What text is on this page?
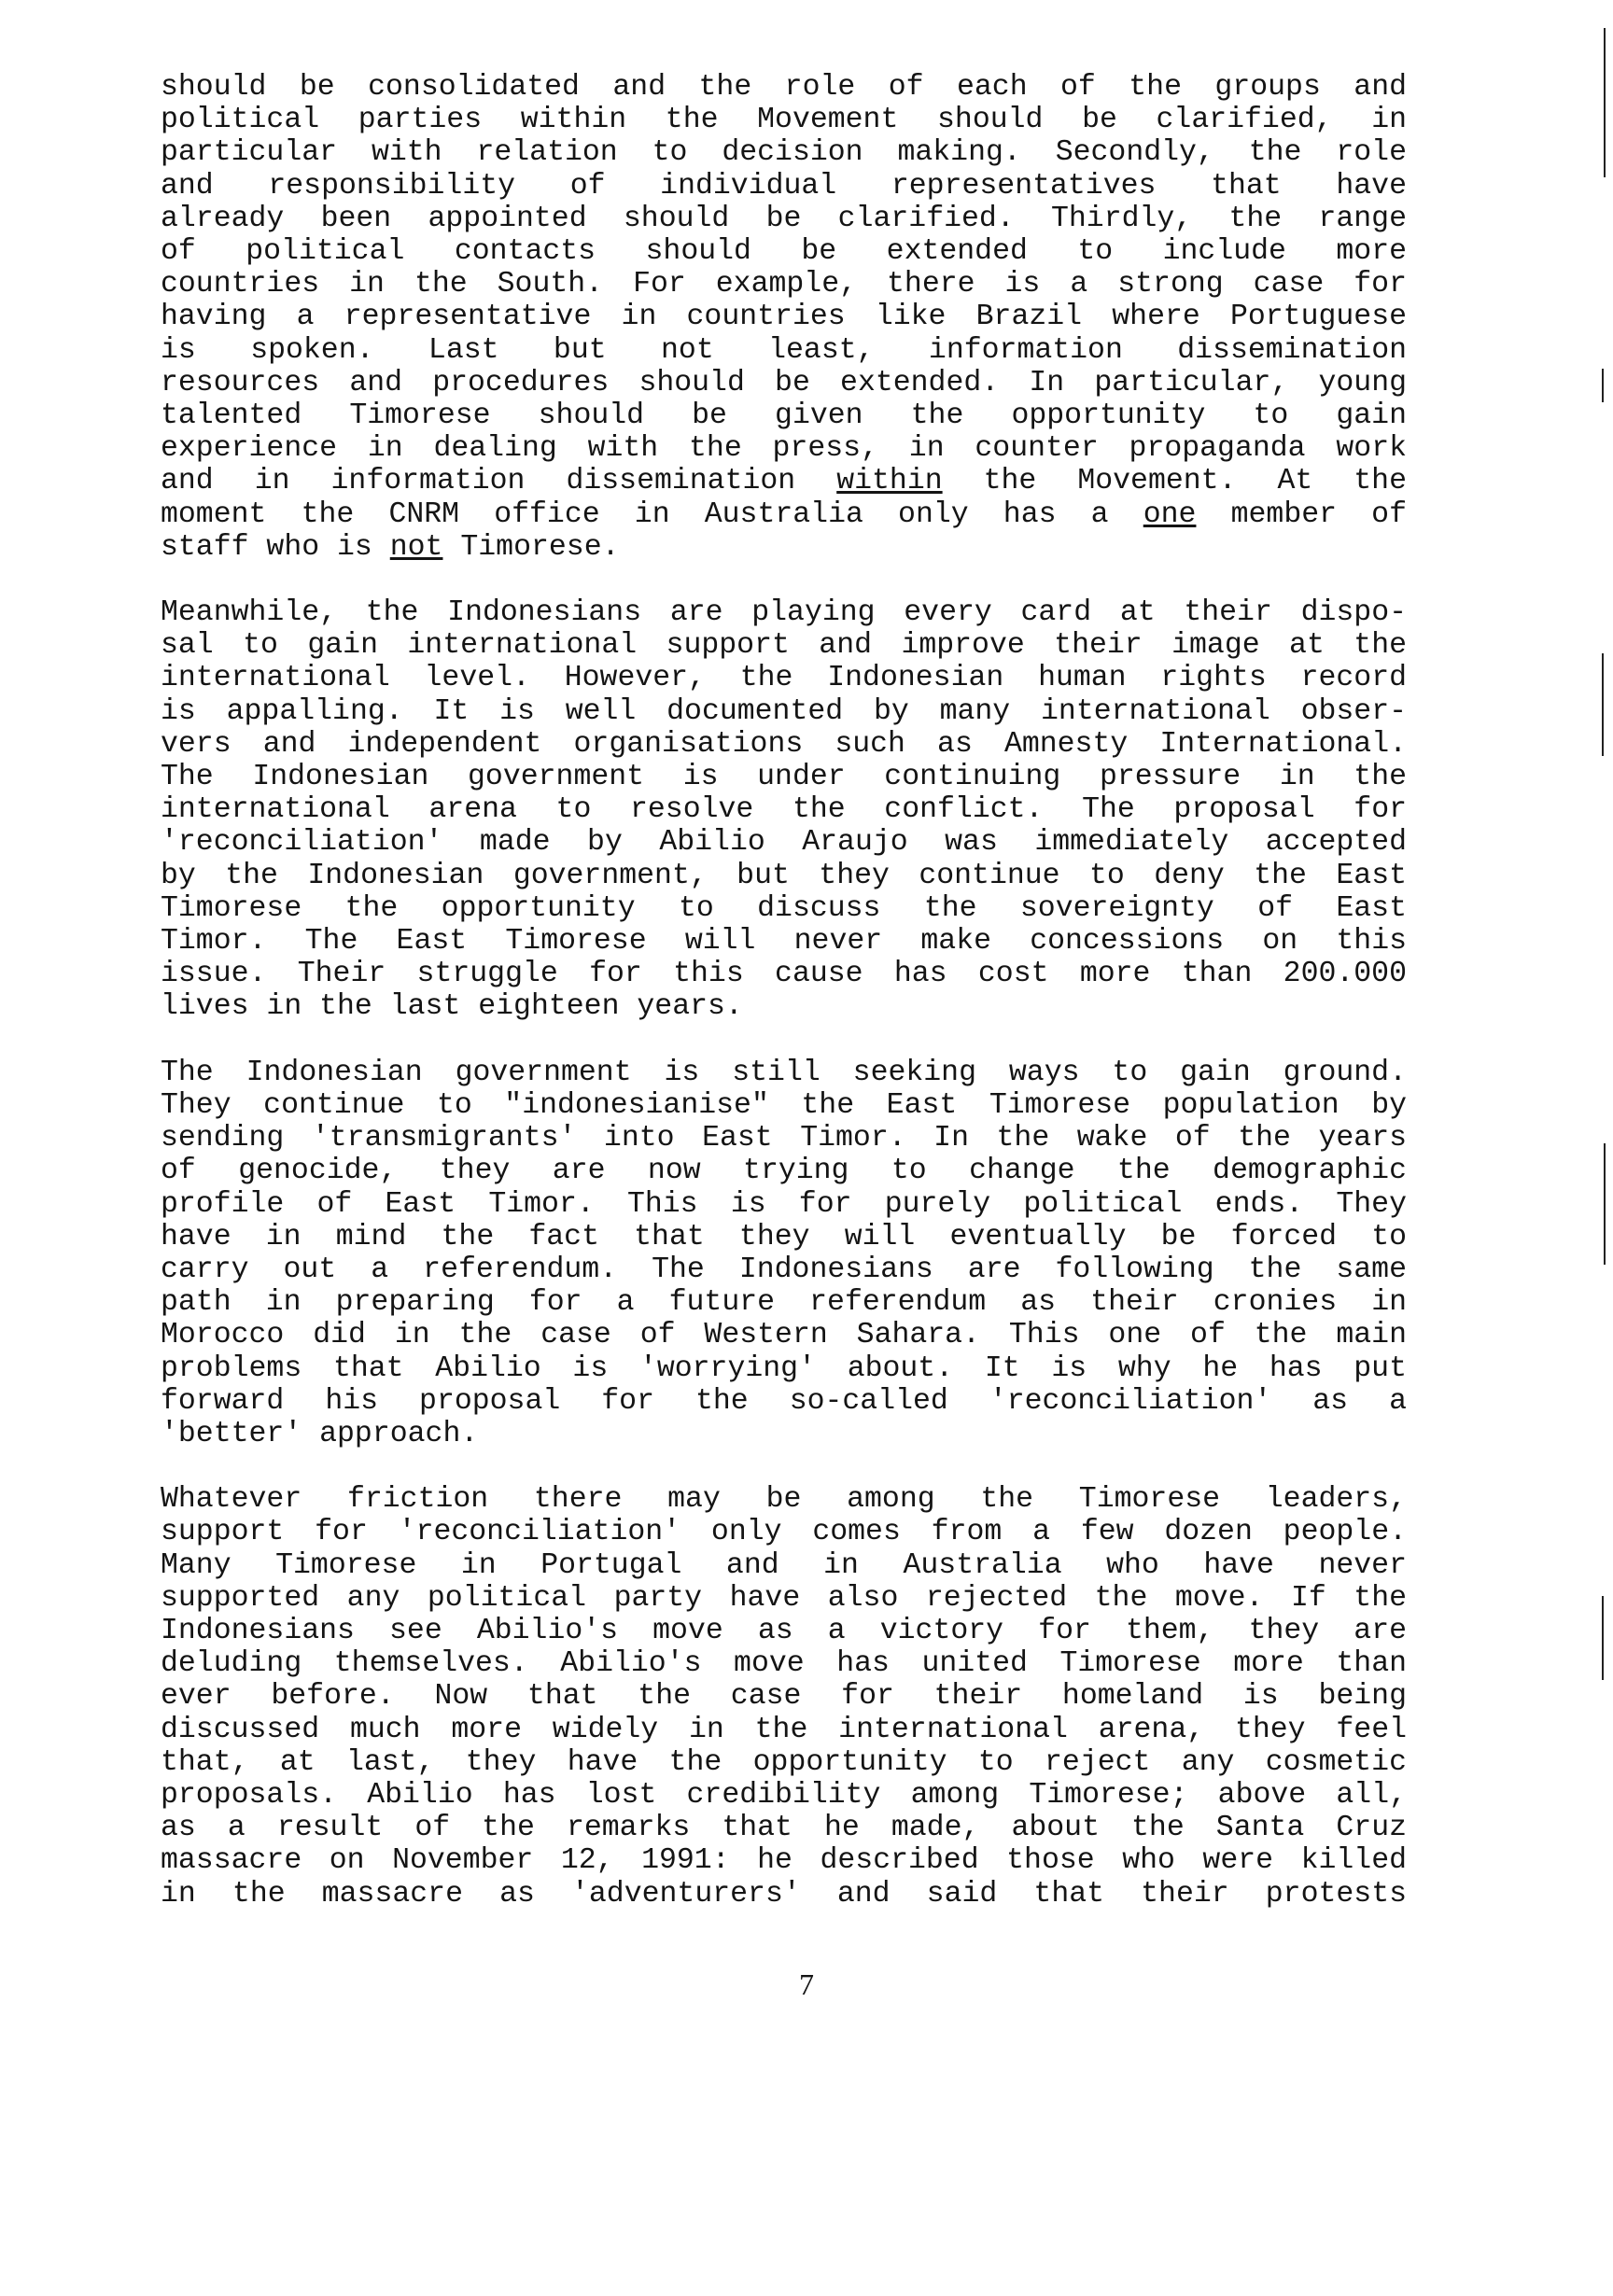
should be consolidated and the role of each of the groups and
political parties within the Movement should be clarified, in
particular with relation to decision making. Secondly, the role
and responsibility of individual representatives that have
already been appointed should be clarified. Thirdly, the range
of political contacts should be extended to include more
countries in the South. For example, there is a strong case for
having a representative in countries like Brazil where Portuguese
is spoken. Last but not least, information dissemination
resources and procedures should be extended. In particular, young
talented Timorese should be given the opportunity to gain
experience in dealing with the press, in counter propaganda work
and in information dissemination within the Movement. At the
moment the CNRM office in Australia only has a one member of
staff who is not Timorese.

Meanwhile, the Indonesians are playing every card at their dispo-
sal to gain international support and improve their image at the
international level. However, the Indonesian human rights record
is appalling. It is well documented by many international obser-
vers and independent organisations such as Amnesty International.
The Indonesian government is under continuing pressure in the
international arena to resolve the conflict. The proposal for
'reconciliation' made by Abilio Araujo was immediately accepted
by the Indonesian government, but they continue to deny the East
Timorese the opportunity to discuss the sovereignty of East
Timor. The East Timorese will never make concessions on this
issue. Their struggle for this cause has cost more than 200.000
lives in the last eighteen years.

The Indonesian government is still seeking ways to gain ground.
They continue to "indonesianise" the East Timorese population by
sending 'transmigrants' into East Timor. In the wake of the years
of genocide, they are now trying to change the demographic
profile of East Timor. This is for purely political ends. They
have in mind the fact that they will eventually be forced to
carry out a referendum. The Indonesians are following the same
path in preparing for a future referendum as their cronies in
Morocco did in the case of Western Sahara. This one of the main
problems that Abilio is 'worrying' about. It is why he has put
forward his proposal for the so-called 'reconciliation' as a
'better' approach.

Whatever friction there may be among the Timorese leaders,
support for 'reconciliation' only comes from a few dozen people.
Many Timorese in Portugal and in Australia who have never
supported any political party have also rejected the move. If the
Indonesians see Abilio's move as a victory for them, they are
deluding themselves. Abilio's move has united Timorese more than
ever before. Now that the case for their homeland is being
discussed much more widely in the international arena, they feel
that, at last, they have the opportunity to reject any cosmetic
proposals. Abilio has lost credibility among Timorese; above all,
as a result of the remarks that he made, about the Santa Cruz
massacre on November 12, 1991: he described those who were killed
in the massacre as 'adventurers' and said that their protests

7
